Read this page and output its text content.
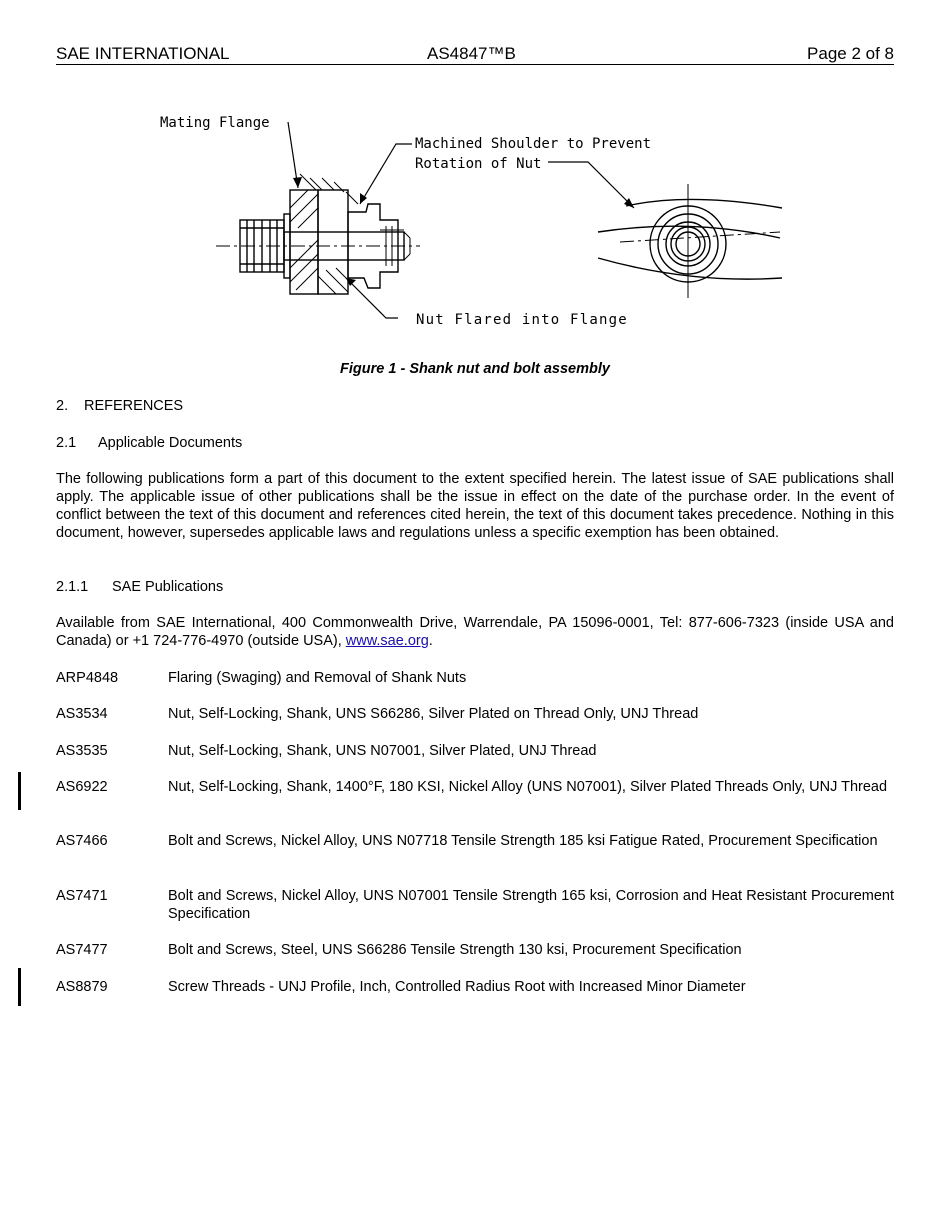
SAE INTERNATIONAL	AS4847™B	Page 2 of 8
Mating Flange
Machined Shoulder to Prevent
Rotation of Nut
Nut Flared into Flange
Figure 1 - Shank nut and bolt assembly
2. REFERENCES
2.1 Applicable Documents
The following publications form a part of this document to the extent specified herein. The latest issue of SAE publications shall apply. The applicable issue of other publications shall be the issue in effect on the date of the purchase order. In the event of conflict between the text of this document and references cited herein, the text of this document takes precedence. Nothing in this document, however, supersedes applicable laws and regulations unless a specific exemption has been obtained.
2.1.1 SAE Publications
Available from SAE International, 400 Commonwealth Drive, Warrendale, PA 15096-0001, Tel: 877-606-7323 (inside USA and Canada) or +1 724-776-4970 (outside USA), www.sae.org.
ARP4848	Flaring (Swaging) and Removal of Shank Nuts
AS3534	Nut, Self-Locking, Shank, UNS S66286, Silver Plated on Thread Only, UNJ Thread
AS3535	Nut, Self-Locking, Shank, UNS N07001, Silver Plated, UNJ Thread
AS6922	Nut, Self-Locking, Shank, 1400°F, 180 KSI, Nickel Alloy (UNS N07001), Silver Plated Threads Only, UNJ Thread
AS7466	Bolt and Screws, Nickel Alloy, UNS N07718 Tensile Strength 185 ksi Fatigue Rated, Procurement Specification
AS7471	Bolt and Screws, Nickel Alloy, UNS N07001 Tensile Strength 165 ksi, Corrosion and Heat Resistant Procurement Specification
AS7477	Bolt and Screws, Steel, UNS S66286 Tensile Strength 130 ksi, Procurement Specification
AS8879	Screw Threads - UNJ Profile, Inch, Controlled Radius Root with Increased Minor Diameter
